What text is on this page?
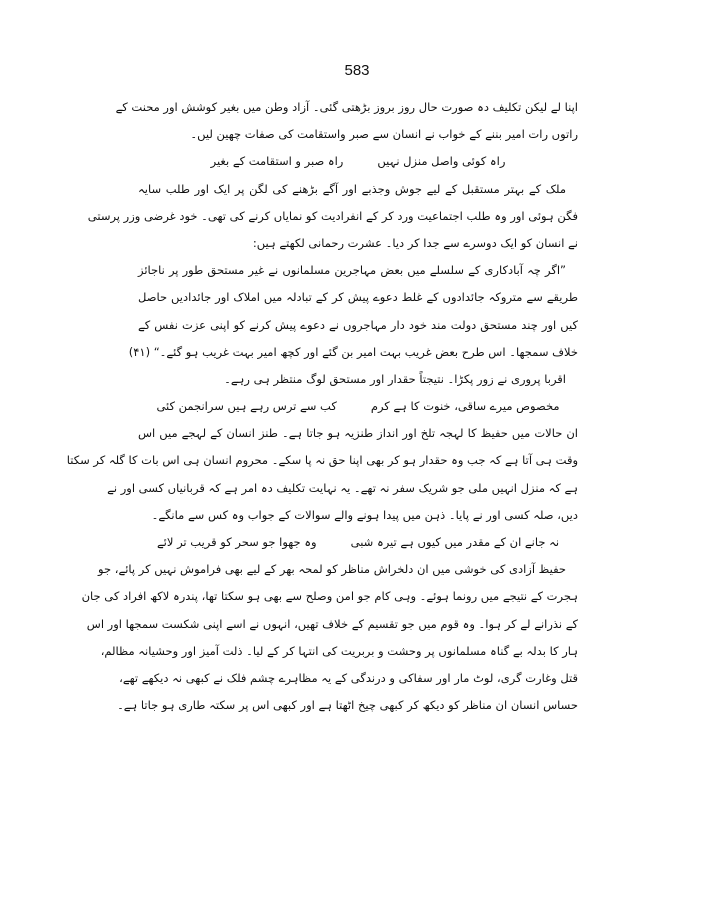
583
اپنا لے لیکن تکلیف دہ صورت حال روز بروز بڑھتی گئی۔ آزاد وطن میں بغیر کوشش اور محنت کے
راتوں رات امیر بننے کے خواب نے انسان سے صبر واستقامت کی صفات چھین لیں۔
راہ کوئی واصل منزل نہیں
راہ صبر و استقامت کے بغیر
ملک کے بہتر مستقبل کے لیے جوش وجذبے اور آگے بڑھنے کی لگن پر ایک اور طلب سایہ
فگن ہوئی اور وہ طلب اجتماعیت ورد کر کے انفرادیت کو نمایاں کرنے کی تھی۔ خود غرضی وزر پرستی
نے انسان کو ایک دوسرے سے جدا کر دیا۔ عشرت رحمانی لکھتے ہیں:
”اگر چہ آبادکاری کے سلسلے میں بعض مہاجرین مسلمانوں نے غیر مستحق طور پر ناجائز
طریقے سے متروکہ جائدادوں کے غلط دعوے پیش کر کے تبادلہ میں املاک اور جائدادیں حاصل
کیں اور چند مستحق دولت مند خود دار مہاجروں نے دعوے پیش کرنے کو اپنی عزت نفس کے
خلاف سمجھا۔ اس طرح بعض غریب بہت امیر بن گئے اور کچھ امیر بہت غریب ہو گئے۔“ (۴۱)
اقربا پروری نے زور پکڑا۔ نتیجتاً حقدار اور مستحق لوگ منتظر ہی رہے۔
مخصوص میرے ساقی، خنوت کا ہے کرم
کب سے ترس رہے ہیں سرانجمن کئی
ان حالات میں حفیظ کا لہجہ تلخ اور انداز طنزیہ ہو جاتا ہے۔ طنز انسان کے لہجے میں اس
وقت ہی آتا ہے کہ جب وہ حقدار ہو کر بھی اپنا حق نہ پا سکے۔ محروم انسان ہی اس بات کا گلہ کر سکتا
ہے کہ منزل انہیں ملی جو شریک سفر نہ تھے۔ یہ نہایت تکلیف دہ امر ہے کہ قربانیاں کسی اور نے
دیں، صلہ کسی اور نے پایا۔ ذہن میں پیدا ہونے والے سوالات کے جواب وہ کس سے مانگے۔
نہ جانے ان کے مقدر میں کیوں ہے تیرہ شبی
وہ جھوا جو سحر کو قریب تر لائے
حفیظ آزادی کی خوشی میں ان دلخراش مناظر کو لمحہ بھر کے لیے بھی فراموش نہیں کر پائے، جو
ہجرت کے نتیجے میں رونما ہوئے۔ وہی کام جو امن وصلح سے بھی ہو سکتا تھا، پندرہ لاکھ افراد کی جان
کے نذرانے لے کر ہوا۔ وہ قوم میں جو تقسیم کے خلاف تھیں، انہوں نے اسے اپنی شکست سمجھا اور اس
ہار کا بدلہ بے گناہ مسلمانوں پر وحشت و بربریت کی انتہا کر کے لیا۔ ذلت آمیز اور وحشیانہ مظالم،
قتل وغارت گری، لوٹ مار اور سفاکی و درندگی کے یہ مظاہرے چشم فلک نے کبھی نہ دیکھے تھے،
حساس انسان ان مناظر کو دیکھ کر کبھی چیخ اٹھتا ہے اور کبھی اس پر سکتہ طاری ہو جاتا ہے۔
